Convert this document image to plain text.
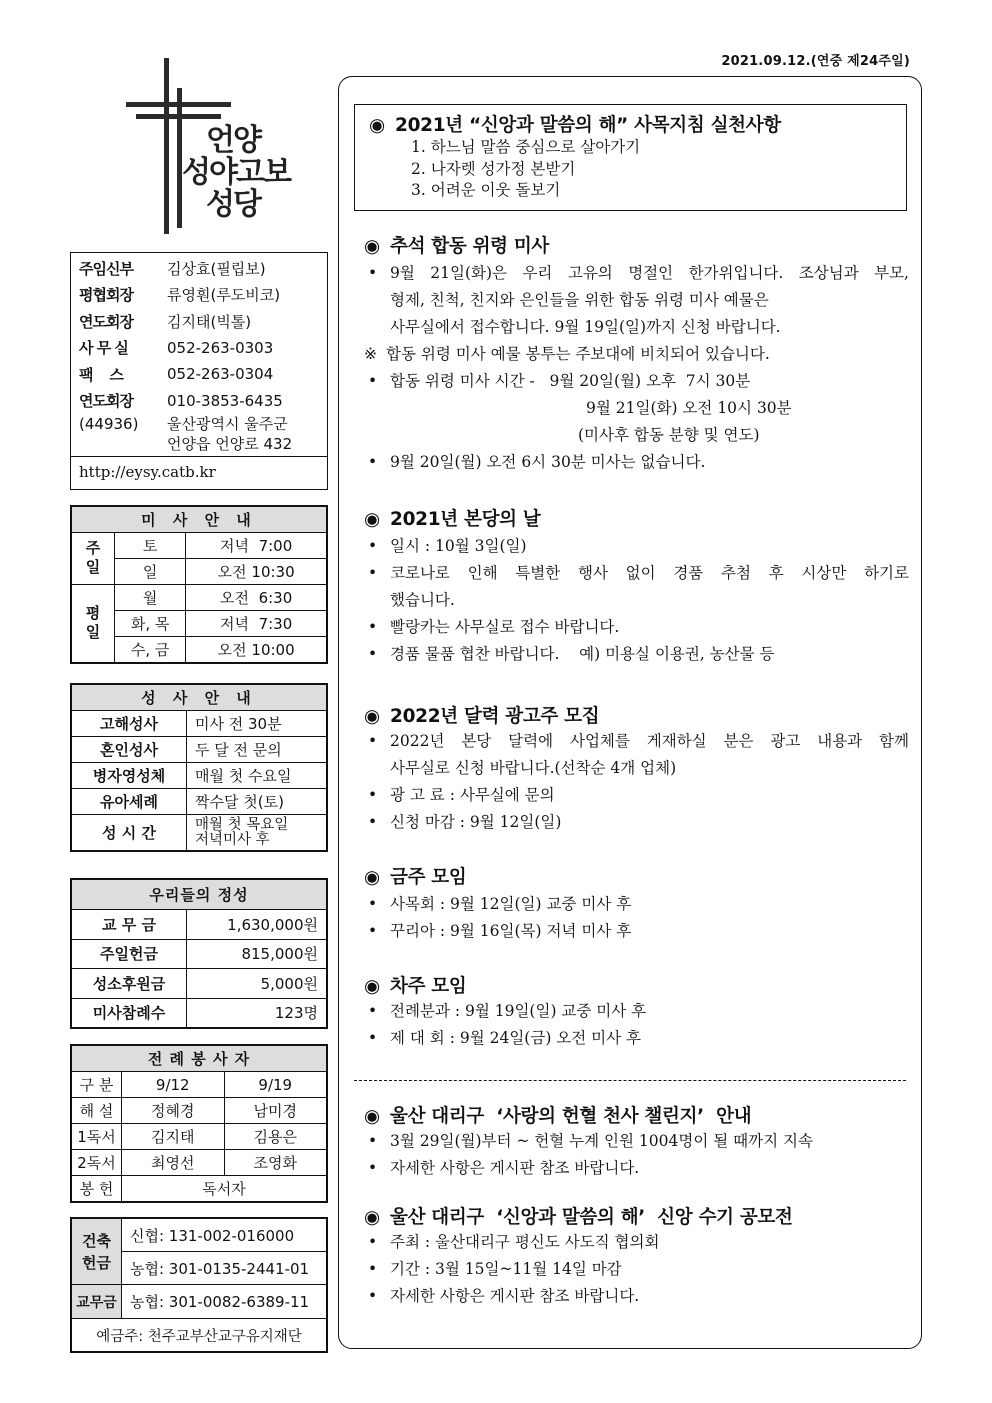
2021.09.12.(연중 제24주일)
언양
성야고보
성당
주임신부	김상효(필립보)
평협회장	류영훤(루도비코)
연도회장	김지태(빅톨)
사 무 실	052-263-0303
팩    스	052-263-0304
연도회장	010-3853-6435
(44936)	울산광역시 울주군
언양읍 언양로 432
http://eysy.catb.kr
미 사 안 내		
주일	토	저녁  7:00
	일	오전 10:30
평일	월	오전  6:30
	화, 목	저녁  7:30
	수, 금	오전 10:00
성 사 안 내	
고해성사	미사 전 30분
혼인성사	두 달 전 문의
병자영성체	매월 첫 수요일
유아세례	짝수달 첫(토)
성 시 간	매월 첫 목요일
저녁미사 후
우리들의 정성	
교 무 금	1,630,000원
주일헌금	815,000원
성소후원금	5,000원
미사참례수	123명
전 례 봉 사 자		
구 분	9/12	9/19
해 설	정혜경	남미경
1독서	김지태	김용은
2독서	최영선	조영화
봉 헌	독서자	
건축헌금	신협: 131-002-016000
	농협: 301-0135-2441-01
교무금	농협: 301-0082-6389-11
예금주: 천주교부산교구유지재단	
◉ 2021년 “신앙과 말씀의 해” 사목지침 실천사항
1. 하느님 말씀 중심으로 살아가기
2. 나자렛 성가정 본받기
3. 어려운 이웃 돌보기
◉ 추석 합동 위령 미사
• 9월 21일(화)은 우리 고유의 명절인 한가위입니다. 조상님과 부모,
형제, 친척, 친지와 은인들을 위한 합동 위령 미사 예물은
사무실에서 접수합니다. 9월 19일(일)까지 신청 바랍니다.
※ 합동 위령 미사 예물 봉투는 주보대에 비치되어 있습니다.
• 합동 위령 미사 시간 -   9월 20일(월) 오후  7시 30분
9월 21일(화) 오전 10시 30분
(미사후 합동 분향 및 연도)
• 9월 20일(월) 오전 6시 30분 미사는 없습니다.
◉ 2021년 본당의 날
• 일시 : 10월 3일(일)
• 코로나로 인해 특별한 행사 없이 경품 추첨 후 시상만 하기로
했습니다.
• 빨랑카는 사무실로 접수 바랍니다.
• 경품 물품 협찬 바랍니다.    예) 미용실 이용권, 농산물 등
◉ 2022년 달력 광고주 모집
• 2022년 본당 달력에 사업체를 게재하실 분은 광고 내용과 함께
사무실로 신청 바랍니다.(선착순 4개 업체)
• 광 고 료 : 사무실에 문의
• 신청 마감 : 9월 12일(일)
◉ 금주 모임
• 사목회 : 9월 12일(일) 교중 미사 후
• 꾸리아 : 9월 16일(목) 저녁 미사 후
◉ 차주 모임
• 전례분과 : 9월 19일(일) 교중 미사 후
• 제 대 회 : 9월 24일(금) 오전 미사 후
◉ 울산 대리구  ‘사랑의 헌혈 천사 챌린지’  안내
• 3월 29일(월)부터 ~ 헌혈 누계 인원 1004명이 될 때까지 지속
• 자세한 사항은 게시판 참조 바랍니다.
◉ 울산 대리구  ‘신앙과 말씀의 해’  신앙 수기 공모전
• 주최 : 울산대리구 평신도 사도직 협의회
• 기간 : 3월 15일~11월 14일 마감
• 자세한 사항은 게시판 참조 바랍니다.
